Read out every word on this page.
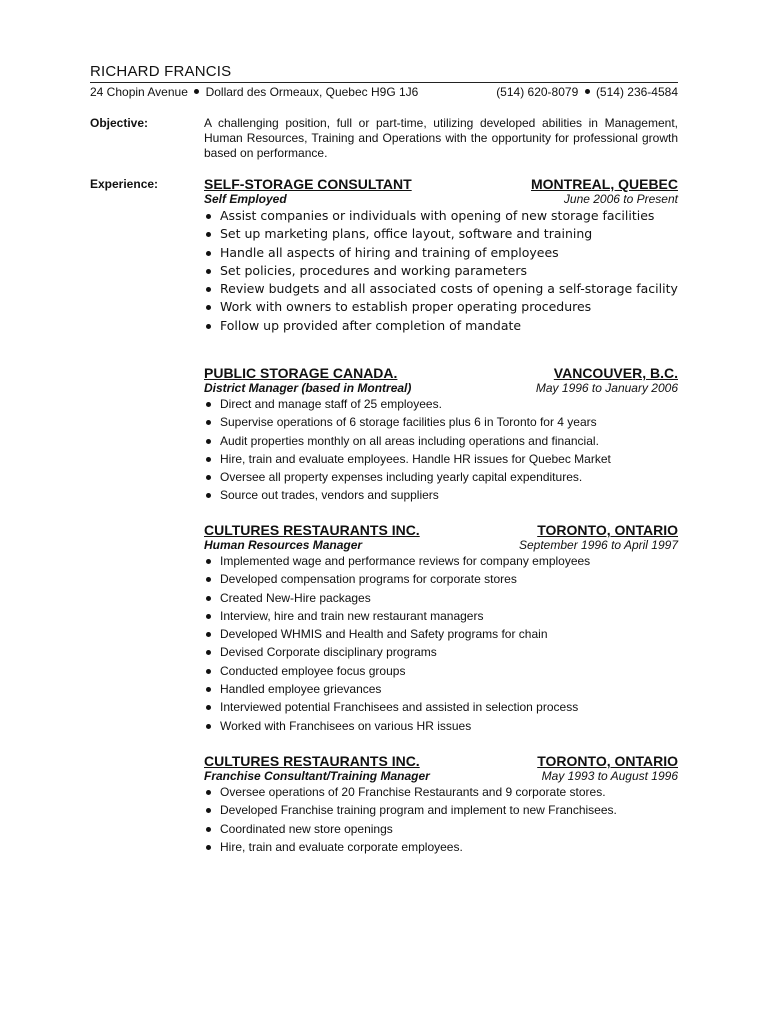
RICHARD FRANCIS
24 Chopin Avenue Dollard des Ormeaux, Quebec H9G 1J6	(514) 620-8079 (514) 236-4584
Objective:	A challenging position, full or part-time, utilizing developed abilities in Management, Human Resources, Training and Operations with the opportunity for professional growth based on performance.
Experience:	SELF-STORAGE CONSULTANT	MONTREAL, QUEBEC
Self Employed	June 2006 to Present
Assist companies or individuals with opening of new storage facilities
Set up marketing plans, office layout, software and training
Handle all aspects of hiring and training of employees
Set policies, procedures and working parameters
Review budgets and all associated costs of opening a self-storage facility
Work with owners to establish proper operating procedures
Follow up provided after completion of mandate
PUBLIC STORAGE CANADA.	VANCOUVER, B.C.
District Manager (based in Montreal)	May 1996 to January 2006
Direct and manage staff of 25 employees.
Supervise operations of 6 storage facilities plus 6 in Toronto for 4 years
Audit properties monthly on all areas including operations and financial.
Hire, train and evaluate employees. Handle HR issues for Quebec Market
Oversee all property expenses including yearly capital expenditures.
Source out trades, vendors and suppliers
CULTURES RESTAURANTS INC.	TORONTO, ONTARIO
Human Resources Manager	September 1996 to April 1997
Implemented wage and performance reviews for company employees
Developed compensation programs for corporate stores
Created New-Hire packages
Interview, hire and train new restaurant managers
Developed WHMIS and Health and Safety programs for chain
Devised Corporate disciplinary programs
Conducted employee focus groups
Handled employee grievances
Interviewed potential Franchisees and assisted in selection process
Worked with Franchisees on various HR issues
CULTURES RESTAURANTS INC.	TORONTO, ONTARIO
Franchise Consultant/Training Manager	May 1993 to August 1996
Oversee operations of 20 Franchise Restaurants and 9 corporate stores.
Developed Franchise training program and implement to new Franchisees.
Coordinated new store openings
Hire, train and evaluate corporate employees.
